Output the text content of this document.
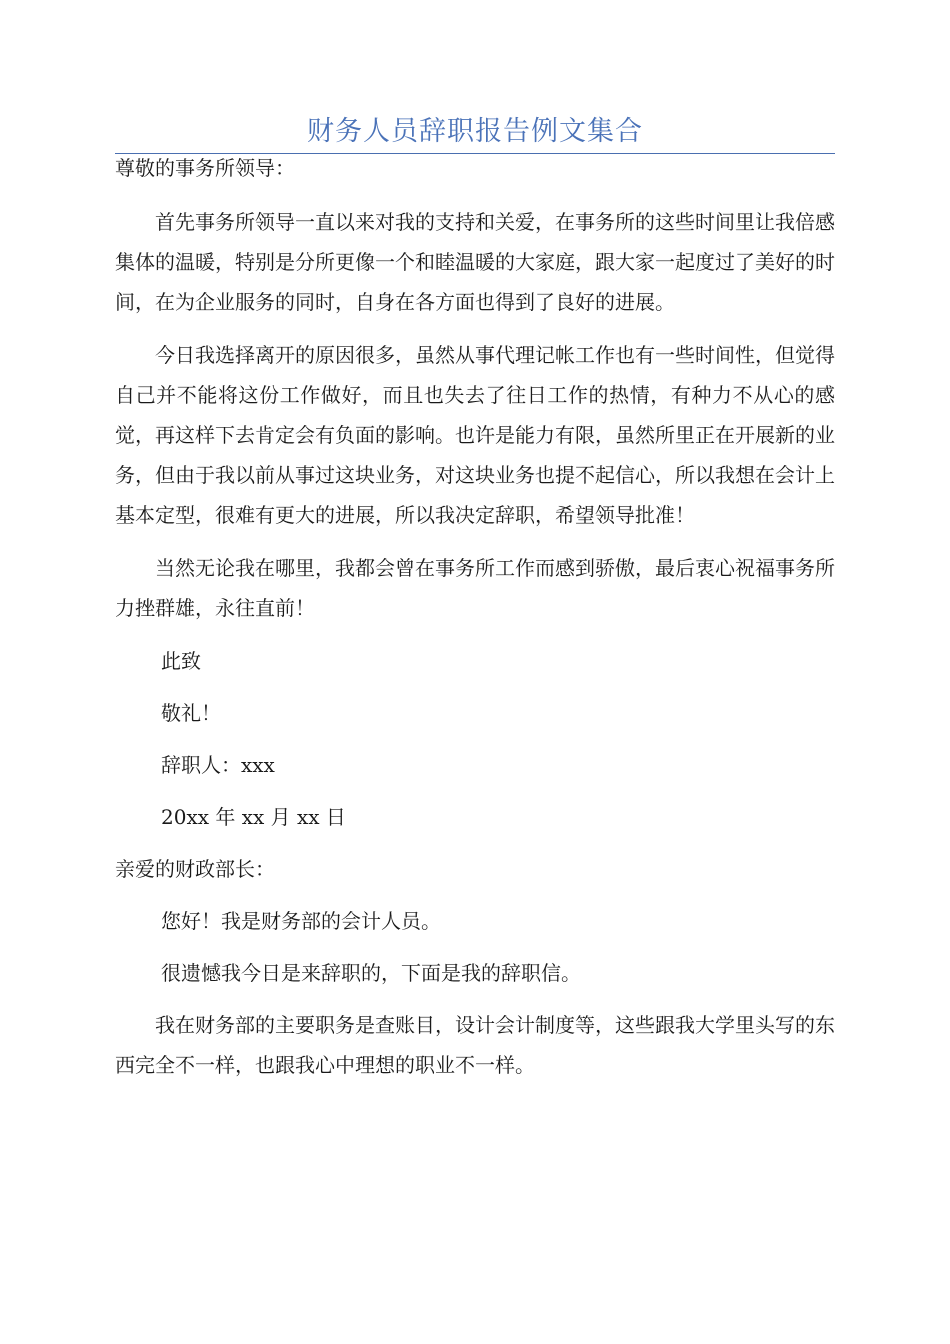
财务人员辞职报告例文集合

尊敬的事务所领导：

首先事务所领导一直以来对我的支持和关爱，在事务所的这些时间里让我倍感集体的温暖，特别是分所更像一个和睦温暖的大家庭，跟大家一起度过了美好的时间，在为企业服务的同时，自身在各方面也得到了良好的进展。

今日我选择离开的原因很多，虽然从事代理记帐工作也有一些时间性，但觉得自己并不能将这份工作做好，而且也失去了往日工作的热情，有种力不从心的感觉，再这样下去肯定会有负面的影响。也许是能力有限，虽然所里正在开展新的业务，但由于我以前从事过这块业务，对这块业务也提不起信心，所以我想在会计上基本定型，很难有更大的进展，所以我决定辞职，希望领导批准！

当然无论我在哪里，我都会曾在事务所工作而感到骄傲，最后衷心祝福事务所力挫群雄，永往直前！

此致

敬礼！

辞职人：xxx

20xx 年 xx 月 xx 日

亲爱的财政部长：

您好！我是财务部的会计人员。

很遗憾我今日是来辞职的，下面是我的辞职信。

我在财务部的主要职务是查账目，设计会计制度等，这些跟我大学里头写的东西完全不一样，也跟我心中理想的职业不一样。
